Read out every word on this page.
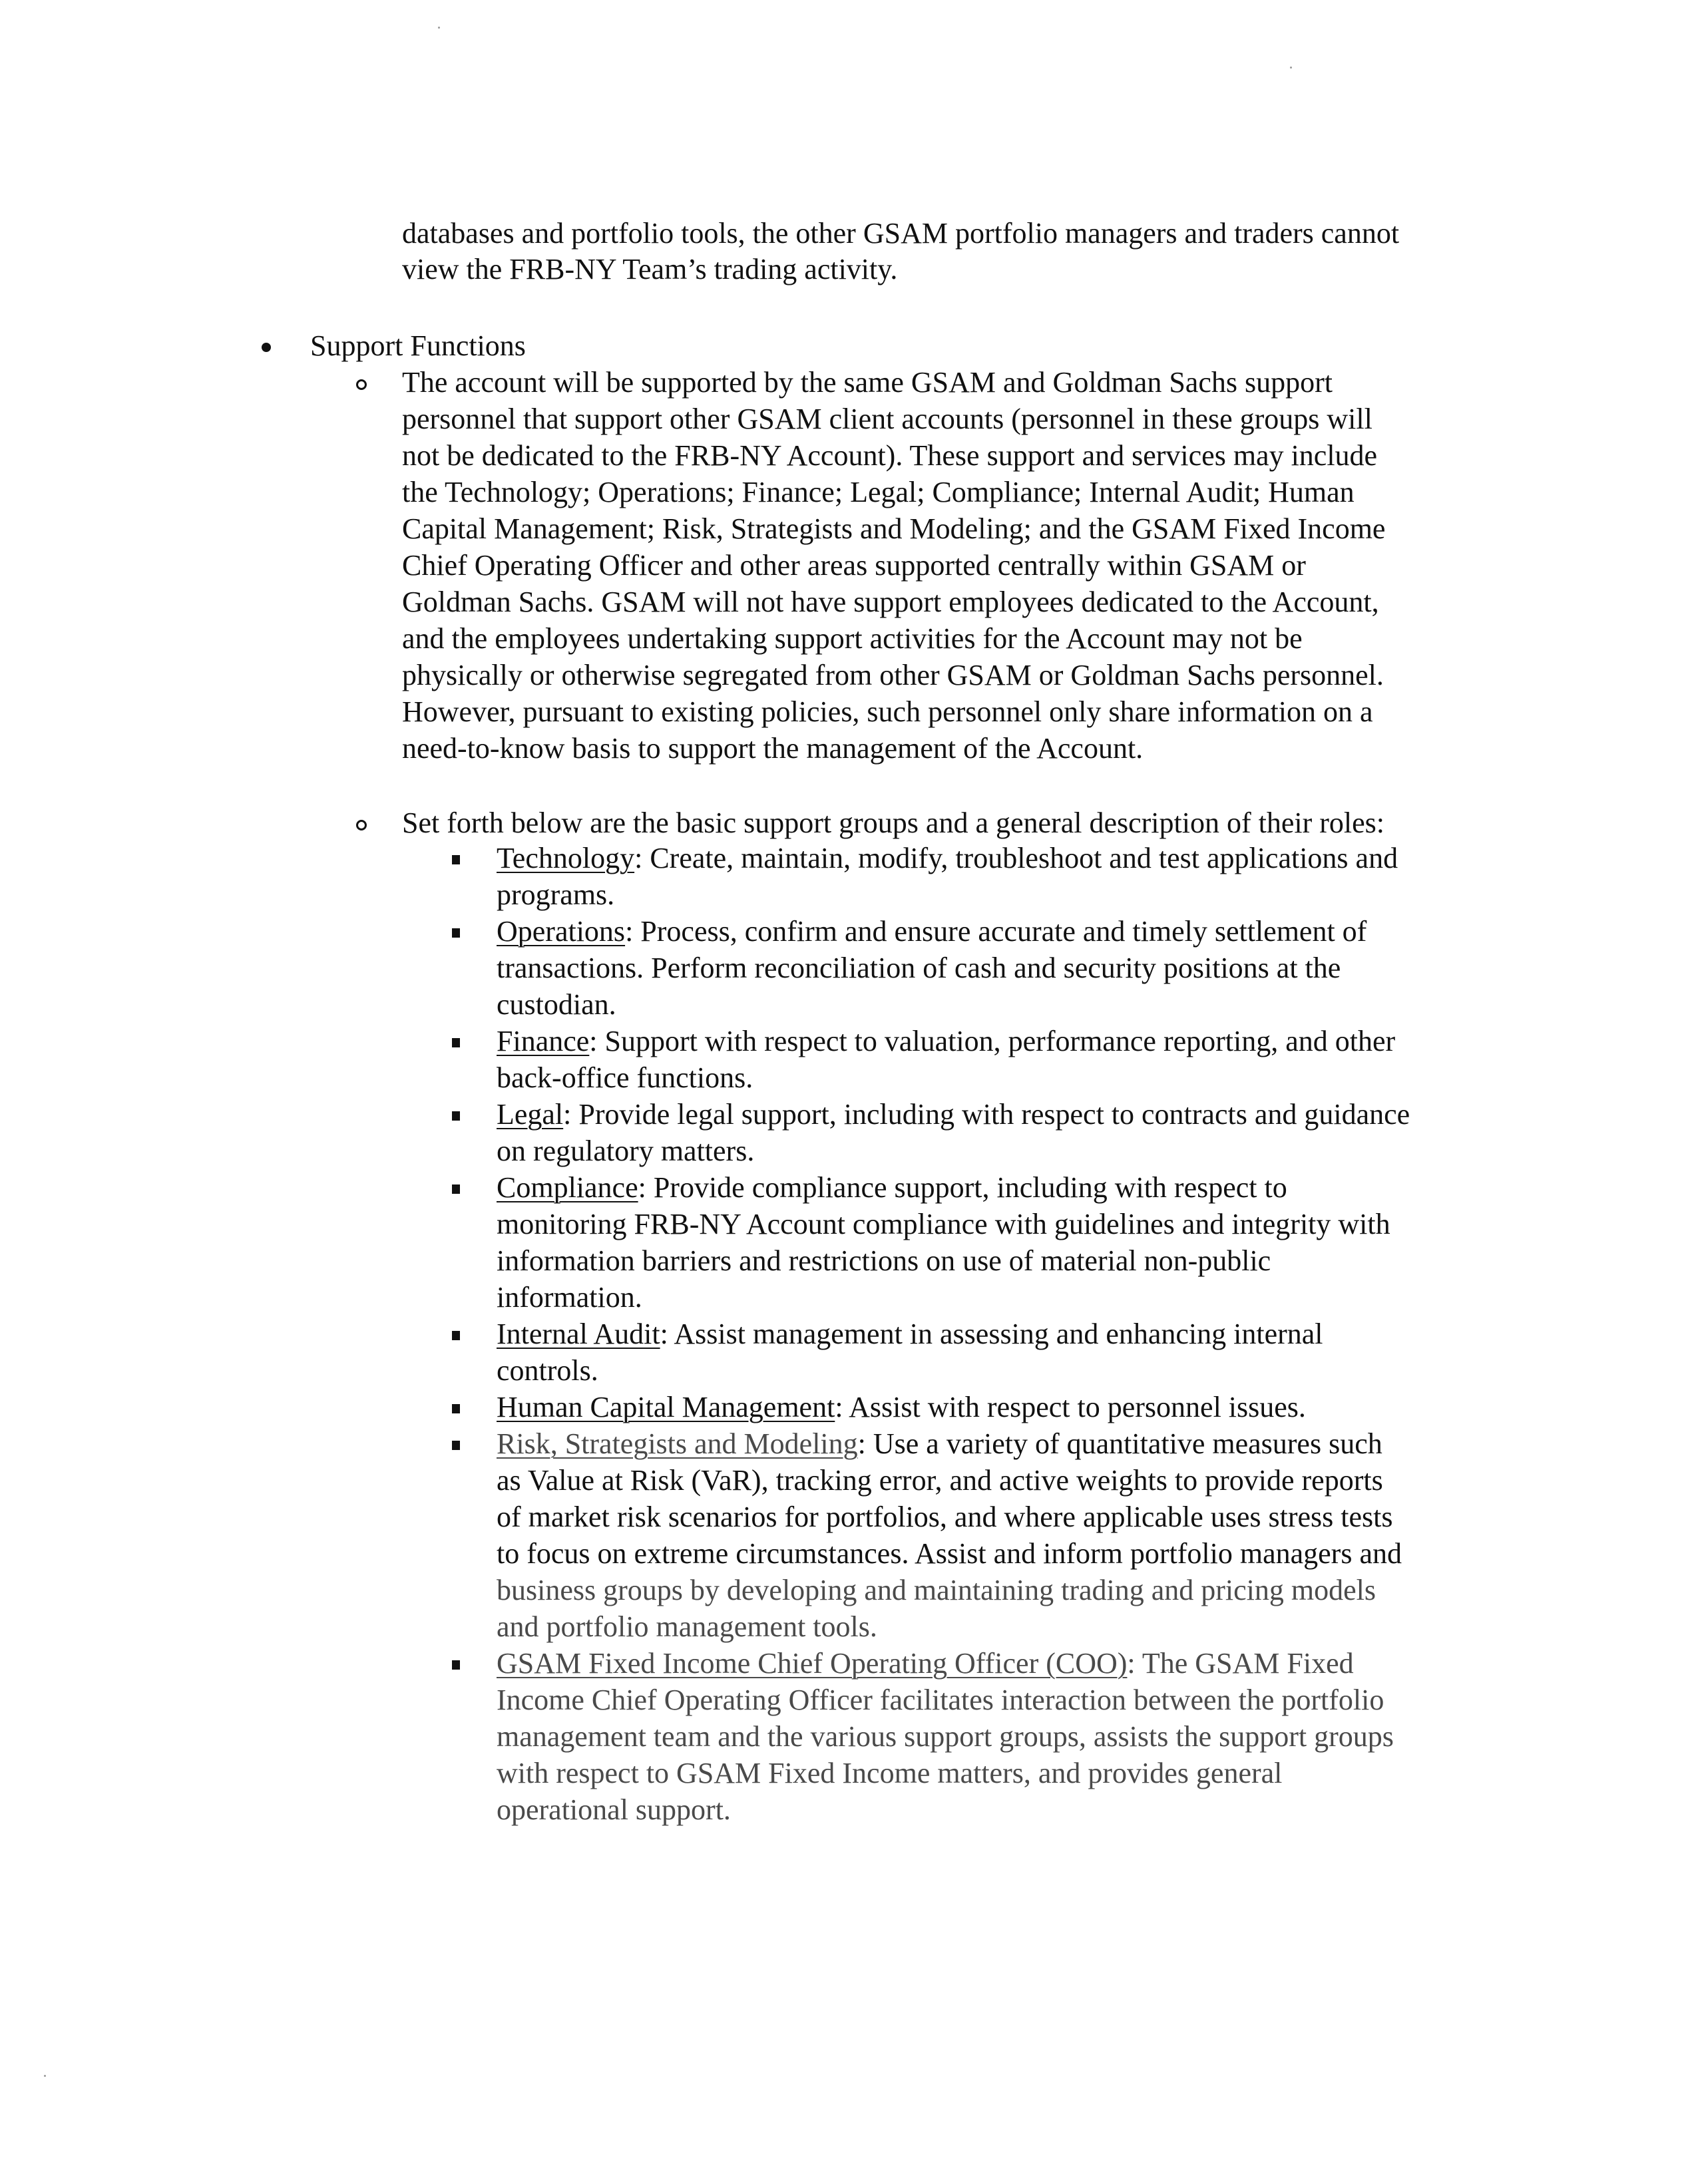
databases and portfolio tools, the other GSAM portfolio managers and traders cannot
view the FRB-NY Team’s trading activity.
Support Functions
The account will be supported by the same GSAM and Goldman Sachs support
personnel that support other GSAM client accounts (personnel in these groups will
not be dedicated to the FRB-NY Account). These support and services may include
the Technology; Operations; Finance; Legal; Compliance; Internal Audit; Human
Capital Management; Risk, Strategists and Modeling; and the GSAM Fixed Income
Chief Operating Officer and other areas supported centrally within GSAM or
Goldman Sachs. GSAM will not have support employees dedicated to the Account,
and the employees undertaking support activities for the Account may not be
physically or otherwise segregated from other GSAM or Goldman Sachs personnel.
However, pursuant to existing policies, such personnel only share information on a
need-to-know basis to support the management of the Account.
Set forth below are the basic support groups and a general description of their roles:
Technology: Create, maintain, modify, troubleshoot and test applications and
programs.
Operations: Process, confirm and ensure accurate and timely settlement of
transactions. Perform reconciliation of cash and security positions at the
custodian.
Finance: Support with respect to valuation, performance reporting, and other
back-office functions.
Legal: Provide legal support, including with respect to contracts and guidance
on regulatory matters.
Compliance: Provide compliance support, including with respect to
monitoring FRB-NY Account compliance with guidelines and integrity with
information barriers and restrictions on use of material non-public
information.
Internal Audit: Assist management in assessing and enhancing internal
controls.
Human Capital Management: Assist with respect to personnel issues.
Risk, Strategists and Modeling: Use a variety of quantitative measures such
as Value at Risk (VaR), tracking error, and active weights to provide reports
of market risk scenarios for portfolios, and where applicable uses stress tests
to focus on extreme circumstances. Assist and inform portfolio managers and
business groups by developing and maintaining trading and pricing models
and portfolio management tools.
GSAM Fixed Income Chief Operating Officer (COO): The GSAM Fixed
Income Chief Operating Officer facilitates interaction between the portfolio
management team and the various support groups, assists the support groups
with respect to GSAM Fixed Income matters, and provides general
operational support.
